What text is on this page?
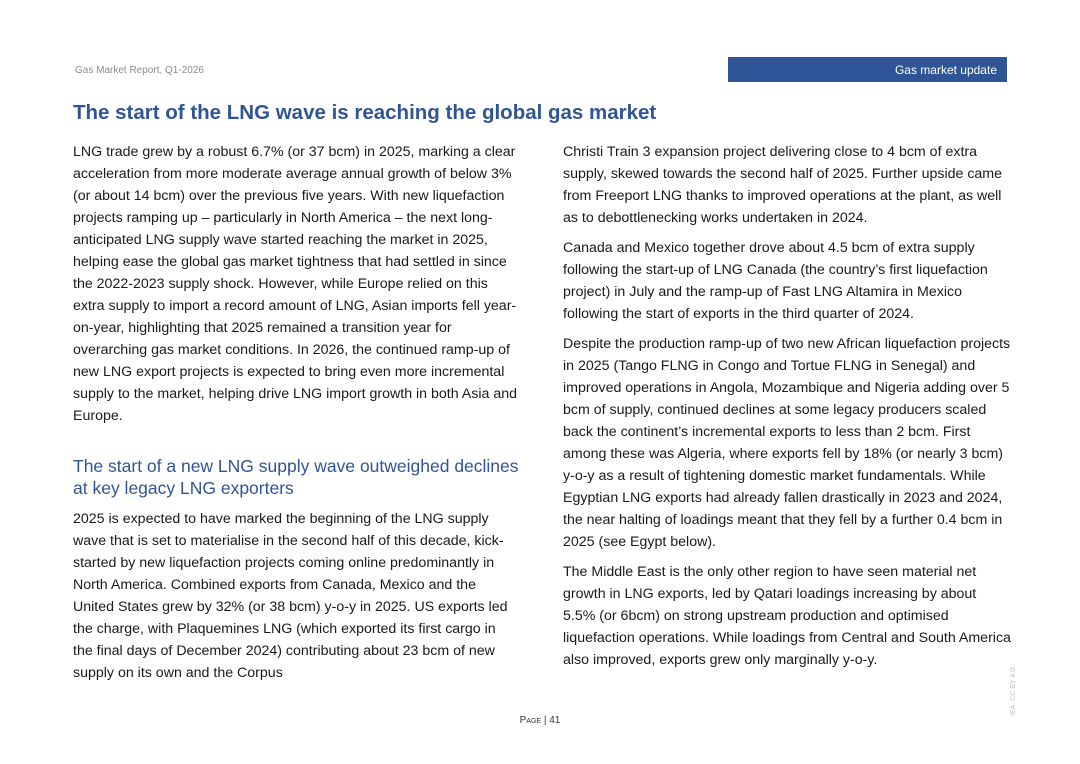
Gas Market Report, Q1-2026	Gas market update
The start of the LNG wave is reaching the global gas market

LNG trade grew by a robust 6.7% (or 37 bcm) in 2025, marking a clear acceleration from more moderate average annual growth of below 3% (or about 14 bcm) over the previous five years. With new liquefaction projects ramping up – particularly in North America – the next long-anticipated LNG supply wave started reaching the market in 2025, helping ease the global gas market tightness that had settled in since the 2022-2023 supply shock. However, while Europe relied on this extra supply to import a record amount of LNG, Asian imports fell year-on-year, highlighting that 2025 remained a transition year for overarching gas market conditions. In 2026, the continued ramp-up of new LNG export projects is expected to bring even more incremental supply to the market, helping drive LNG import growth in both Asia and Europe.

The start of a new LNG supply wave outweighed declines at key legacy LNG exporters

2025 is expected to have marked the beginning of the LNG supply wave that is set to materialise in the second half of this decade, kick-started by new liquefaction projects coming online predominantly in North America. Combined exports from Canada, Mexico and the United States grew by 32% (or 38 bcm) y-o-y in 2025. US exports led the charge, with Plaquemines LNG (which exported its first cargo in the final days of December 2024) contributing about 23 bcm of new supply on its own and the Corpus

Christi Train 3 expansion project delivering close to 4 bcm of extra supply, skewed towards the second half of 2025. Further upside came from Freeport LNG thanks to improved operations at the plant, as well as to debottlenecking works undertaken in 2024.

Canada and Mexico together drove about 4.5 bcm of extra supply following the start-up of LNG Canada (the country’s first liquefaction project) in July and the ramp-up of Fast LNG Altamira in Mexico following the start of exports in the third quarter of 2024.

Despite the production ramp-up of two new African liquefaction projects in 2025 (Tango FLNG in Congo and Tortue FLNG in Senegal) and improved operations in Angola, Mozambique and Nigeria adding over 5 bcm of supply, continued declines at some legacy producers scaled back the continent’s incremental exports to less than 2 bcm. First among these was Algeria, where exports fell by 18% (or nearly 3 bcm) y-o-y as a result of tightening domestic market fundamentals. While Egyptian LNG exports had already fallen drastically in 2023 and 2024, the near halting of loadings meant that they fell by a further 0.4 bcm in 2025 (see Egypt below).

The Middle East is the only other region to have seen material net growth in LNG exports, led by Qatari loadings increasing by about 5.5% (or 6bcm) on strong upstream production and optimised liquefaction operations. While loadings from Central and South America also improved, exports grew only marginally y-o-y.

Page | 41
IEA. CC BY 4.0.
